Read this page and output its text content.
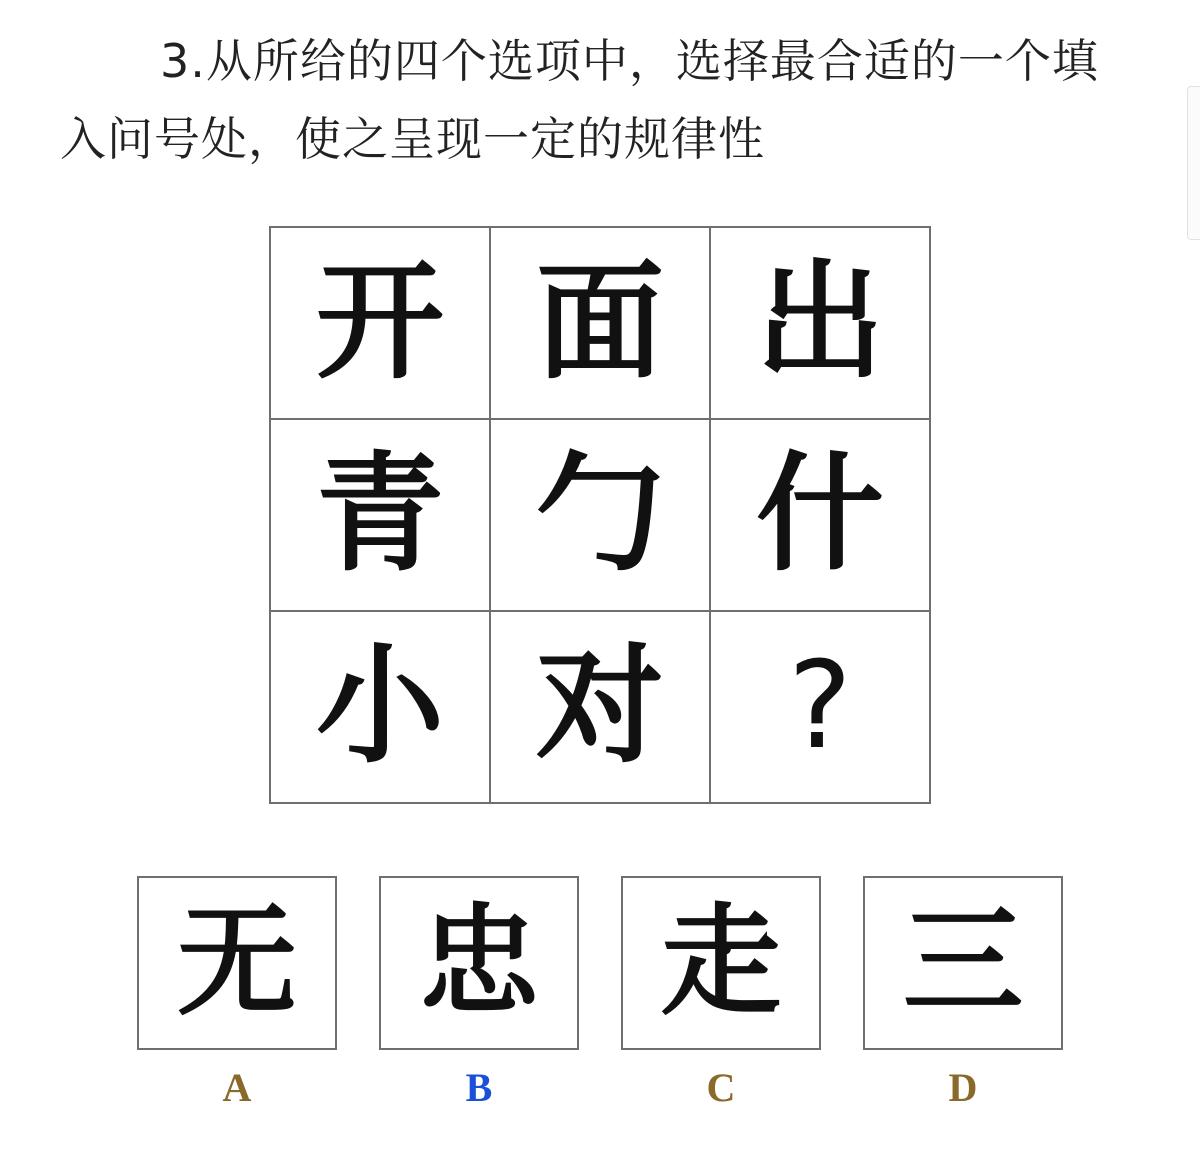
3.从所给的四个选项中，选择最合适的一个填
入问号处，使之呈现一定的规律性
开	面	出
青	勹	什
小	对	?
无
A
忠
B
走
C
三
D
